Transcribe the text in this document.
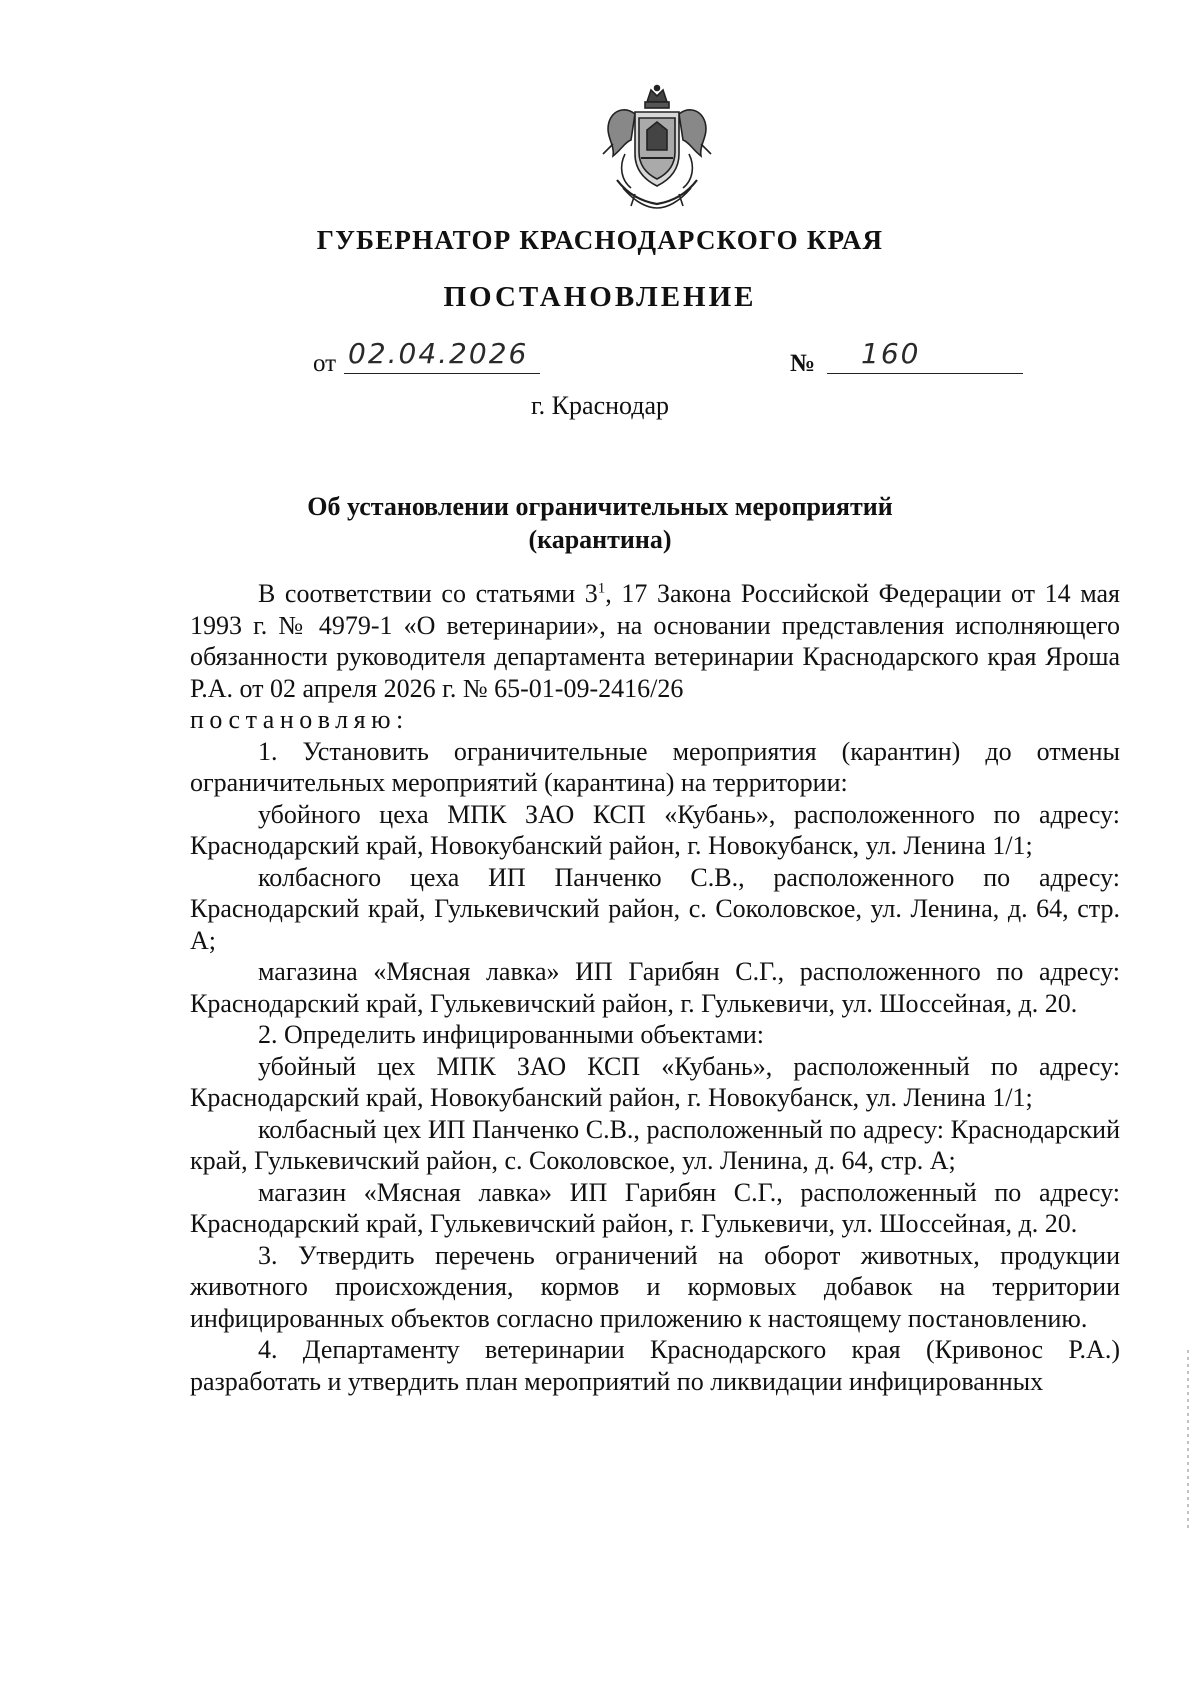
ГУБЕРНАТОР КРАСНОДАРСКОГО КРАЯ
ПОСТАНОВЛЕНИЕ
от 02.04.2026	№ 160
г. Краснодар
Об установлении ограничительных мероприятий
(карантина)

В соответствии со статьями $3^1$, 17 Закона Российской Федерации от 14 мая 1993 г. № 4979-1 «О ветеринарии», на основании представления исполняющего обязанности руководителя департамента ветеринарии Краснодарского края Яроша Р.А. от 02 апреля 2026 г. № 65-01-09-2416/26

постановляю:

1. Установить ограничительные мероприятия (карантин) до отмены ограничительных мероприятий (карантина) на территории:

убойного цеха МПК ЗАО КСП «Кубань», расположенного по адресу: Краснодарский край, Новокубанский район, г. Новокубанск, ул. Ленина 1/1;

колбасного цеха ИП Панченко С.В., расположенного по адресу: Краснодарский край, Гулькевичский район, с. Соколовское, ул. Ленина, д. 64, стр. А;

магазина «Мясная лавка» ИП Гарибян С.Г., расположенного по адресу: Краснодарский край, Гулькевичский район, г. Гулькевичи, ул. Шоссейная, д. 20.

2. Определить инфицированными объектами:

убойный цех МПК ЗАО КСП «Кубань», расположенный по адресу: Краснодарский край, Новокубанский район, г. Новокубанск, ул. Ленина 1/1;

колбасный цех ИП Панченко С.В., расположенный по адресу: Краснодарский край, Гулькевичский район, с. Соколовское, ул. Ленина, д. 64, стр. А;

магазин «Мясная лавка» ИП Гарибян С.Г., расположенный по адресу: Краснодарский край, Гулькевичский район, г. Гулькевичи, ул. Шоссейная, д. 20.

3. Утвердить перечень ограничений на оборот животных, продукции животного происхождения, кормов и кормовых добавок на территории инфицированных объектов согласно приложению к настоящему постановлению.

4. Департаменту ветеринарии Краснодарского края (Кривонос Р.А.) разработать и утвердить план мероприятий по ликвидации инфицированных
